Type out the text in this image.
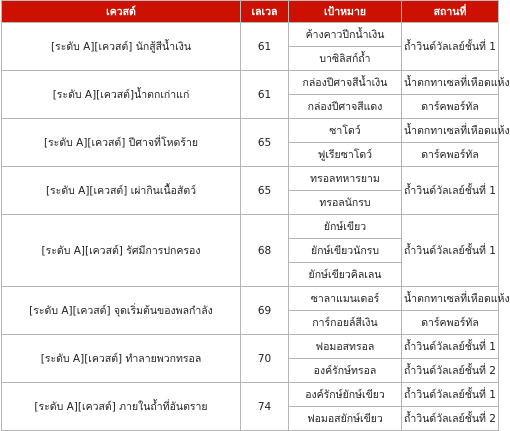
เควสต์	เลเวล	เป้าหมาย	สถานที่
[ระดับ A][เควสต์] นักสู้สีน้ำเงิน	61	ค้างคาวปีกน้ำเงิน	ถ้ำวินด์วัลเลย์ชั้นที่ 1
		บาซิลิสก์ถ้ำ	
[ระดับ A][เควสต์]น้ำตกเก่าแก่	61	กล่องปีศาจสีน้ำเงิน	น้ำตกทาเซลที่เหือดแห้ง
		กล่องปีศาจสีแดง	ดาร์คพอร์ทัล
[ระดับ A][เควสต์] ปีศาจที่โหดร้าย	65	ซาโดว์	น้ำตกทาเซลที่เหือดแห้ง
		ฟูเรียซาโดว์	ดาร์คพอร์ทัล
[ระดับ A][เควสต์] เผ่ากินเนื้อสัตว์	65	ทรอลทหารยาม	ถ้ำวินด์วัลเลย์ชั้นที่ 1
		ทรอลนักรบ	
[ระดับ A][เควสต์] รัศมีการปกครอง	68	ยักษ์เขียว	ถ้ำวินด์วัลเลย์ชั้นที่ 1
		ยักษ์เขียวนักรบ	
		ยักษ์เขียวคิลเลน	
[ระดับ A][เควสต์] จุดเริ่มต้นของพลกำลัง	69	ซาลาแมนเดอร์	น้ำตกทาเซลที่เหือดแห้ง
		การ์กอยล์สีเงิน	ดาร์คพอร์ทัล
[ระดับ A][เควสต์] ทำลายพวกทรอล	70	ฟอมอสทรอล	ถ้ำวินด์วัลเลย์ชั้นที่ 1
		องค์รักษ์ทรอล	ถ้ำวินด์วัลเลย์ชั้นที่ 2
[ระดับ A][เควสต์] ภายในถ้ำที่อันตราย	74	องค์รักษ์ยักษ์เขียว	ถ้ำวินด์วัลเลย์ชั้นที่ 1
		ฟอมอสยักษ์เขียว	ถ้ำวินด์วัลเลย์ชั้นที่ 2
